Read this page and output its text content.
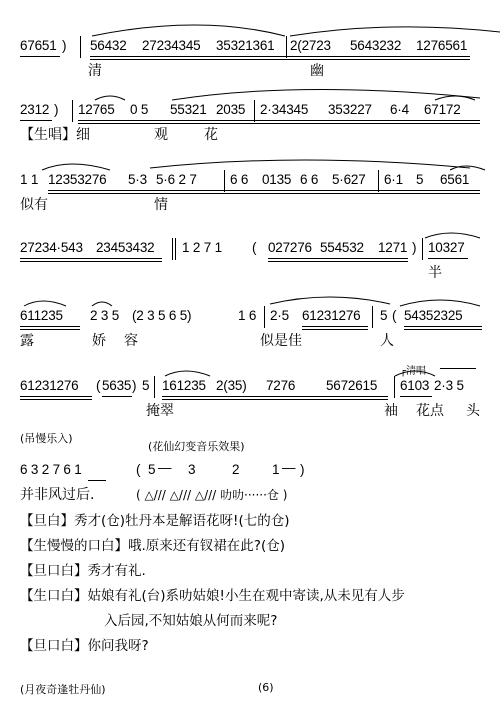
67651 ) 56432 27234345 35321361 2(2723 5643232 1276561
清	幽
2312 ) 12765 0 5 55321 2035 2·34345 353227 6·4 67172
【生唱】细	观	花
1 1 12353276 5·3 5·6 2 7 6 6 0135 6 6 5·627 6·1 5 6561
似有	情
27234·543 23453432 1 2 7 1 ( 027276 554532 1271 ) 10327
半
611235 2 3 5 (2 3 5 6 5)	1 6 2·5 61231276 5 ( 54352325
露	娇 容	似是佳	人
┌清唱
61231276 ( 5635 ) 5 161235 2(35) 7276 5672615 6103 2·3 5
掩翠	袖 花点 头
(吊慢乐入)
(花仙幻变音乐效果)
6 3 2 7 6 1	( 5 — 3	2 1 — )
并非风过后.	( △/// △/// △/// 叻叻······仓 )
【旦白】秀才(仓)牡丹本是解语花呀!(七的仓)
【生慢慢的口白】哦.原来还有钗裙在此?(仓)
【旦口白】秀才有礼.
【生口白】姑娘有礼(台)系叻姑娘!小生在观中寄读,从未见有人步
入后园,不知姑娘从何而来呢?
【旦口白】你问我呀?
(月夜奇逢牡丹仙)	(6)
